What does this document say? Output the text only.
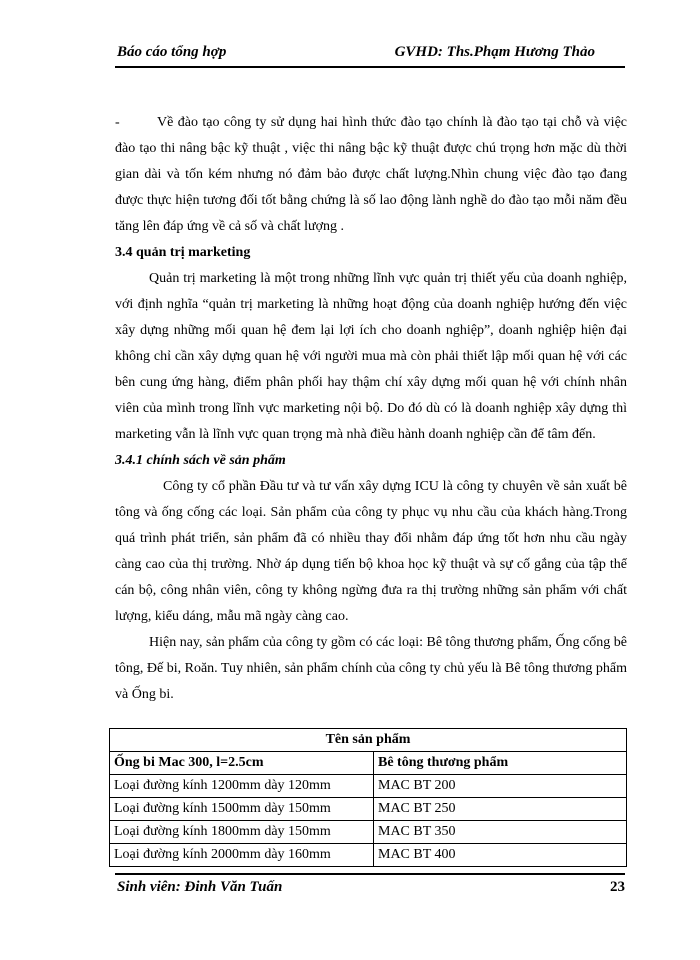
Báo cáo tổng hợp	GVHD: Ths.Phạm Hương Thảo

-	Về đào tạo công ty sử dụng hai hình thức đào tạo chính là đào tạo tại chỗ và việc đào tạo thi nâng bậc kỹ thuật , việc thi nâng bậc kỹ thuật được chú trọng hơn mặc dù thời gian dài và tốn kém nhưng nó đảm bảo được chất lượng.Nhìn chung việc đào tạo đang được thực hiện tương đối tốt bằng chứng là số lao động lành nghề do đào tạo mỗi năm đều tăng lên đáp ứng về cả số và chất lượng .

3.4 quản trị marketing

Quản trị marketing là một trong những lĩnh vực quản trị thiết yếu của doanh nghiệp, với định nghĩa “quản trị marketing là những hoạt động của doanh nghiệp hướng đến việc xây dựng những mối quan hệ đem lại lợi ích cho doanh nghiệp”, doanh nghiệp hiện đại không chỉ cần xây dựng quan hệ với người mua mà còn phải thiết lập mối quan hệ với các bên cung ứng hàng, điểm phân phối hay thậm chí xây dựng mối quan hệ với chính nhân viên của mình trong lĩnh vực marketing nội bộ. Do đó dù có là doanh nghiệp xây dựng thì marketing vẫn là lĩnh vực quan trọng mà nhà điều hành doanh nghiệp cần để tâm đến.

3.4.1 chính sách về sản phẩm

Công ty cổ phần Đầu tư và tư vấn xây dựng ICU là công ty chuyên về sản xuất bê tông và ống cống các loại. Sản phẩm của công ty phục vụ nhu cầu của khách hàng.Trong quá trình phát triển, sản phẩm đã có nhiều thay đổi nhằm đáp ứng tốt hơn nhu cầu ngày càng cao của thị trường. Nhờ áp dụng tiến bộ khoa học kỹ thuật và sự cố gắng của tập thể cán bộ, công nhân viên, công ty không ngừng đưa ra thị trường những sản phẩm với chất lượng, kiểu dáng, mẫu mã ngày càng cao.

Hiện nay, sản phẩm của công ty gồm có các loại: Bê tông thương phẩm, Ống cống bê tông, Đế bi, Roăn. Tuy nhiên, sản phẩm chính của công ty chủ yếu là Bê tông thương phẩm và Ống bi.

Tên sản phẩm	
Ống bi Mac 300, l=2.5cm	Bê tông thương phẩm
Loại đường kính 1200mm dày 120mm	MAC BT 200
Loại đường kính 1500mm dày 150mm	MAC BT 250
Loại đường kính 1800mm dày 150mm	MAC BT 350
Loại đường kính 2000mm dày 160mm	MAC BT 400
Sinh viên: Đinh Văn Tuấn	23
